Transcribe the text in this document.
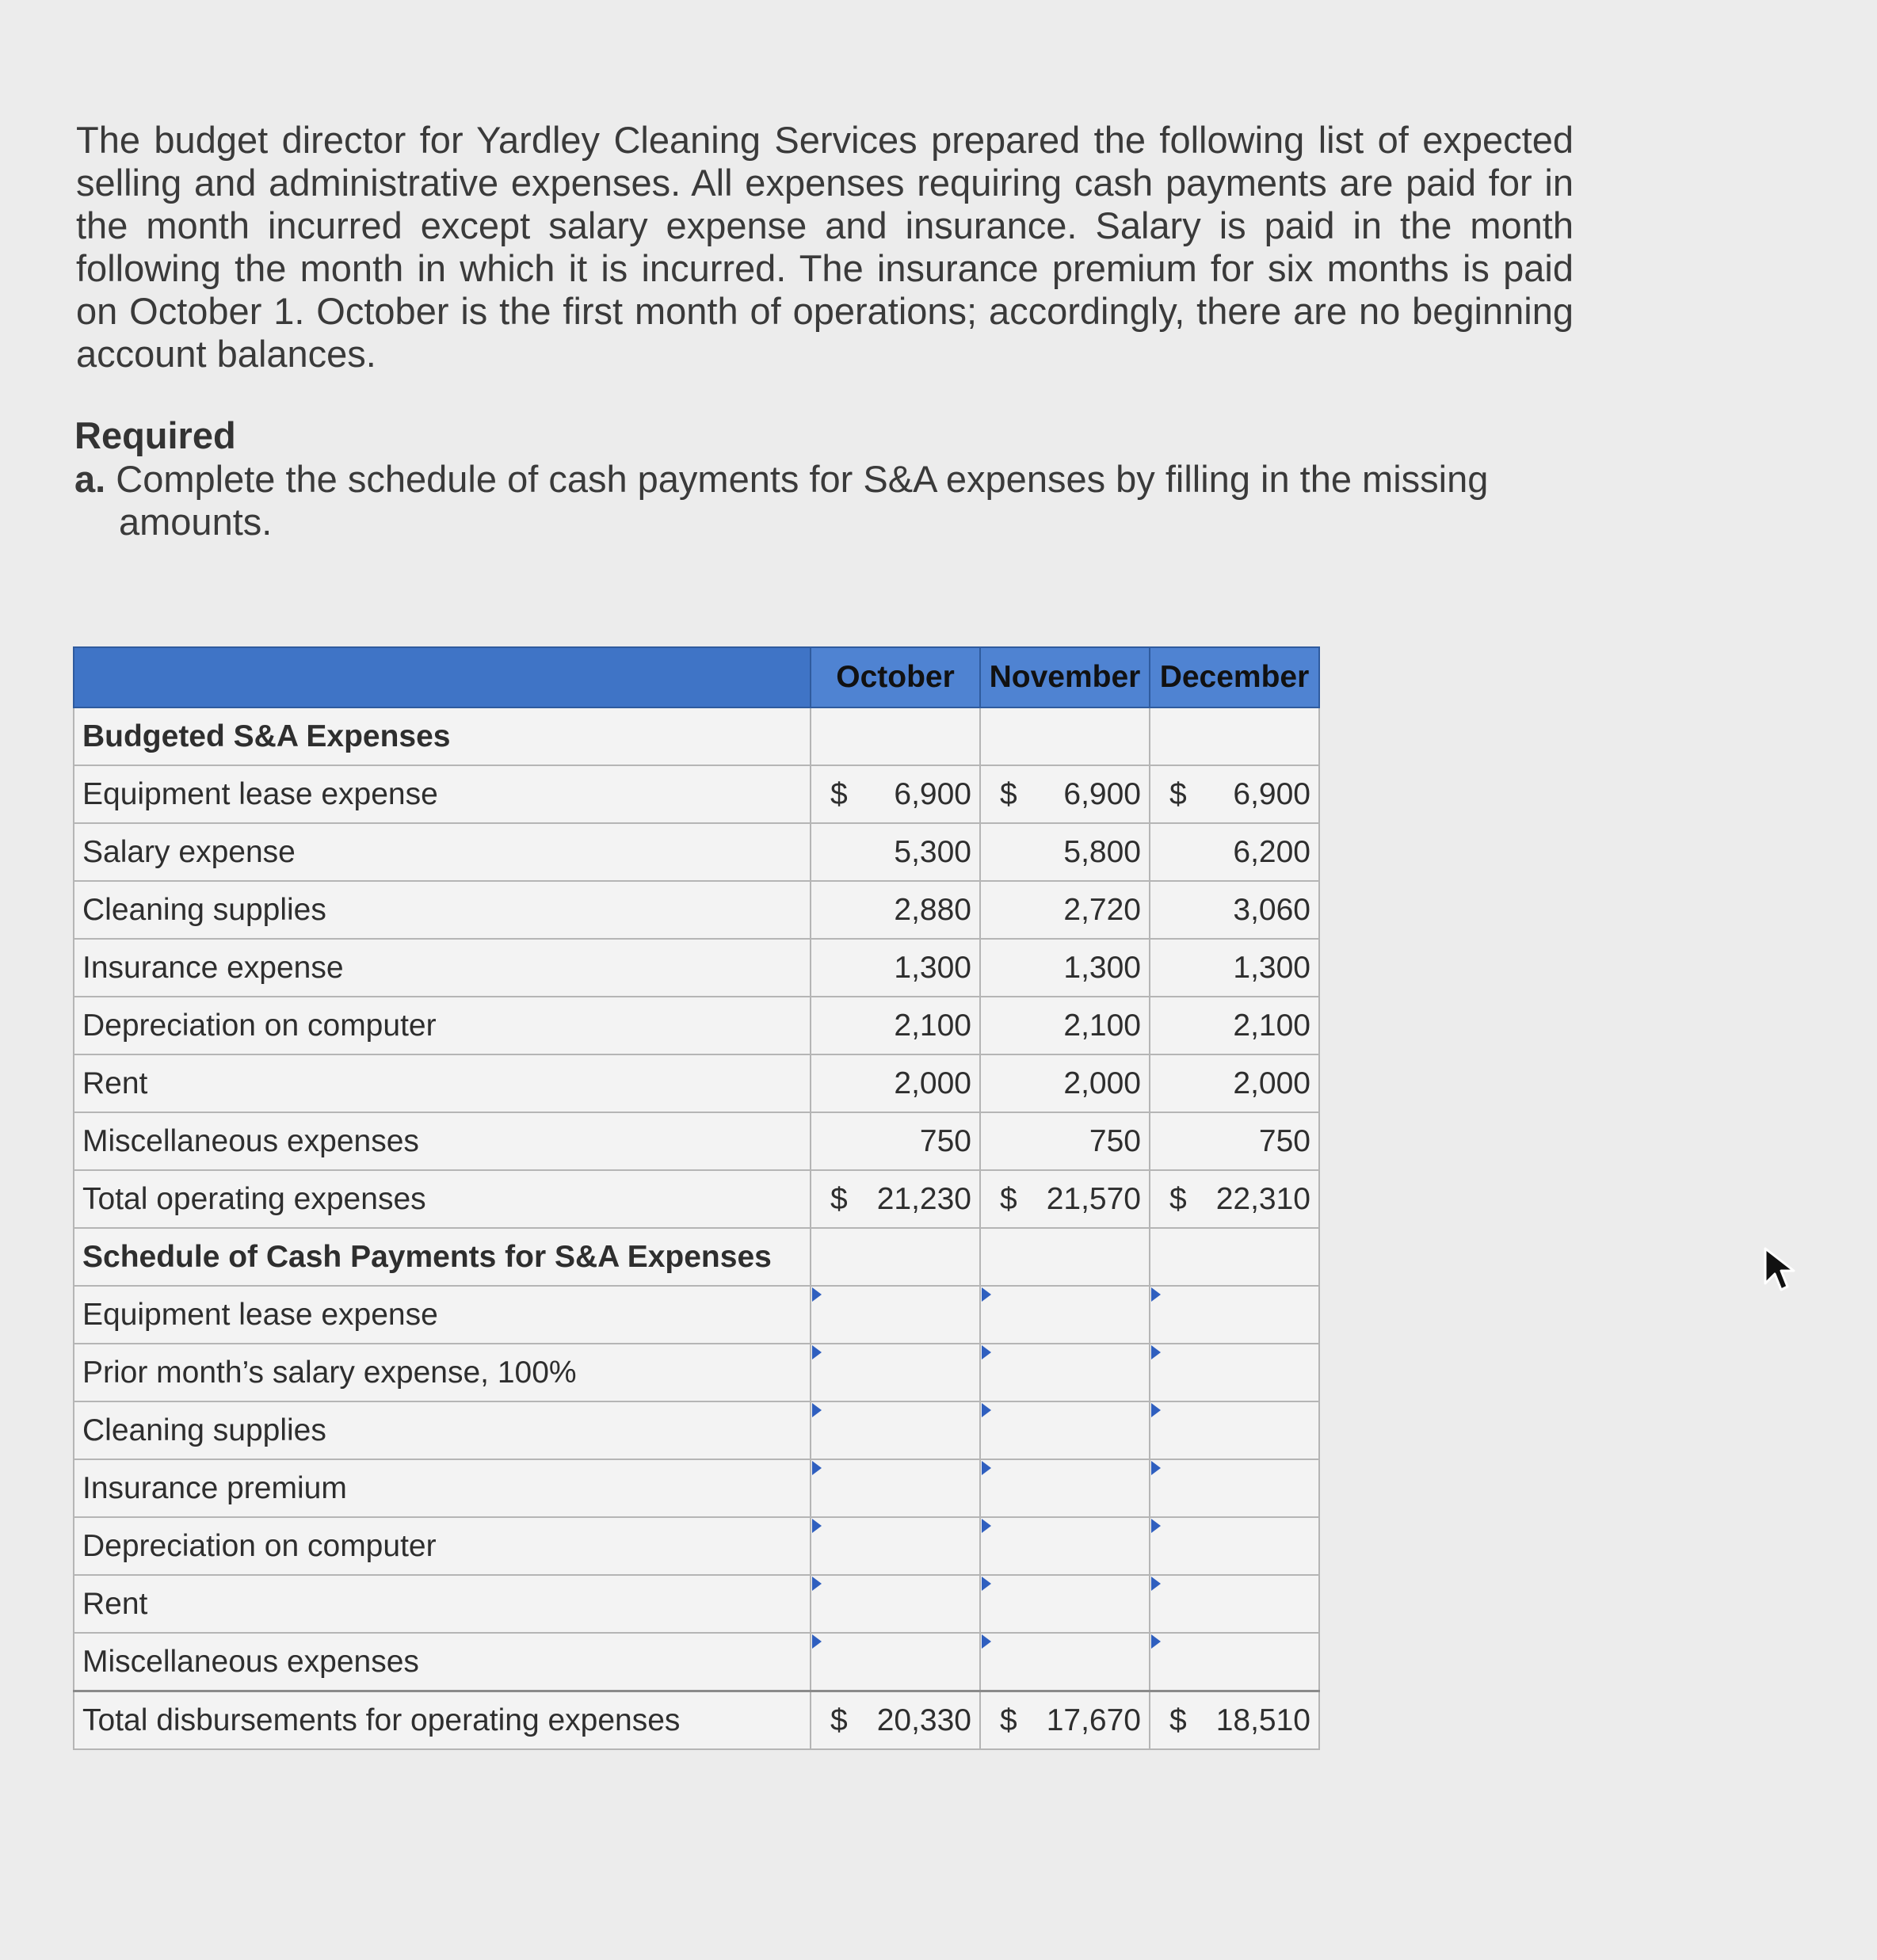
The budget director for Yardley Cleaning Services prepared the following list of expected selling and administrative expenses. All expenses requiring cash payments are paid for in the month incurred except salary expense and insurance. Salary is paid in the month following the month in which it is incurred. The insurance premium for six months is paid on October 1. October is the first month of operations; accordingly, there are no beginning account balances.
Required
a. Complete the schedule of cash payments for S&A expenses by filling in the missing amounts.
	October	November	December
Budgeted S&A Expenses			
Equipment lease expense	$ 6,900	$ 6,900	$ 6,900
Salary expense	5,300	5,800	6,200
Cleaning supplies	2,880	2,720	3,060
Insurance expense	1,300	1,300	1,300
Depreciation on computer	2,100	2,100	2,100
Rent	2,000	2,000	2,000
Miscellaneous expenses	750	750	750
Total operating expenses	$ 21,230	$ 21,570	$ 22,310
Schedule of Cash Payments for S&A Expenses			
Equipment lease expense	

Prior month’s salary expense, 100%	

Cleaning supplies	

Insurance premium	

Depreciation on computer	

Rent	

Miscellaneous expenses	

Total disbursements for operating expenses	$ 20,330	$ 17,670	$ 18,510
